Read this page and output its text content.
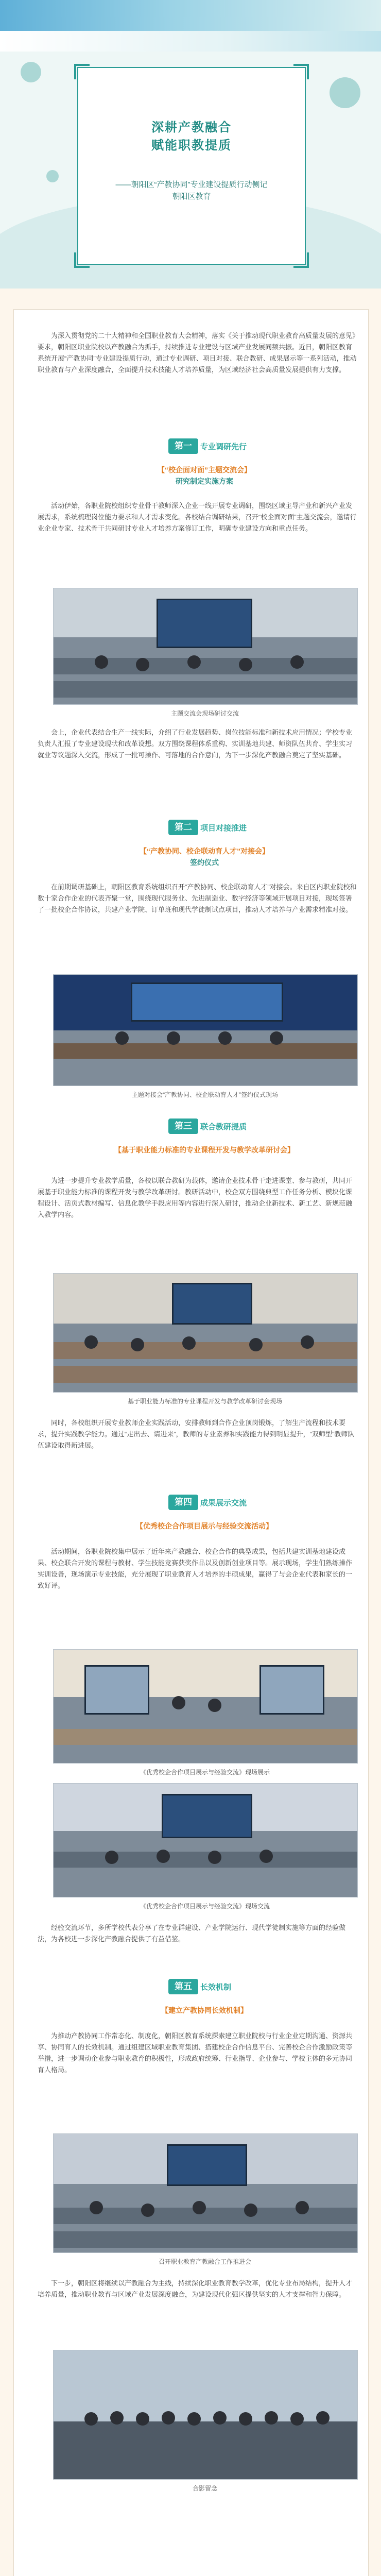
深耕产教融合
赋能职教提质
——朝阳区“产教协同”专业建设提质行动侧记
朝阳区教育
为深入贯彻党的二十大精神和全国职业教育大会精神，落实《关于推动现代职业教育高质量发展的意见》要求，朝阳区职业院校以产教融合为抓手，持续推进专业建设与区域产业发展同频共振。近日，朝阳区教育系统开展“产教协同”专业建设提质行动，通过专业调研、项目对接、联合教研、成果展示等一系列活动，推动职业教育与产业深度融合，全面提升技术技能人才培养质量，为区域经济社会高质量发展提供有力支撑。
第一	专业调研先行
【“校企面对面”主题交流会】
研究制定实施方案
活动伊始，各职业院校组织专业骨干教师深入企业一线开展专业调研，围绕区域主导产业和新兴产业发展需求，系统梳理岗位能力要求和人才需求变化。各校结合调研结果，召开“校企面对面”主题交流会，邀请行业企业专家、技术骨干共同研讨专业人才培养方案修订工作，明确专业建设方向和重点任务。
主题交流会现场研讨交流
会上，企业代表结合生产一线实际，介绍了行业发展趋势、岗位技能标准和新技术应用情况；学校专业负责人汇报了专业建设现状和改革设想。双方围绕课程体系重构、实训基地共建、师资队伍共育、学生实习就业等议题深入交流，形成了一批可操作、可落地的合作意向，为下一步深化产教融合奠定了坚实基础。
第二	项目对接推进
【“产教协同、校企联动育人才”对接会】
签约仪式
在前期调研基础上，朝阳区教育系统组织召开“产教协同、校企联动育人才”对接会。来自区内职业院校和数十家合作企业的代表齐聚一堂，围绕现代服务业、先进制造业、数字经济等领域开展项目对接，现场签署了一批校企合作协议，共建产业学院、订单班和现代学徒制试点项目，推动人才培养与产业需求精准对接。
主题对接会“产教协同、校企联动育人才”签约仪式现场
第三	联合教研提质
【基于职业能力标准的专业课程开发与教学改革研讨会】
为进一步提升专业教学质量，各校以联合教研为载体，邀请企业技术骨干走进课堂、参与教研，共同开展基于职业能力标准的课程开发与教学改革研讨。教研活动中，校企双方围绕典型工作任务分析、模块化课程设计、活页式教材编写、信息化教学手段应用等内容进行深入研讨，推动企业新技术、新工艺、新规范融入教学内容。
基于职业能力标准的专业课程开发与教学改革研讨会现场
同时，各校组织开展专业教师企业实践活动，安排教师到合作企业顶岗锻炼，了解生产流程和技术要求，提升实践教学能力。通过“走出去、请进来”，教师的专业素养和实践能力得到明显提升，“双师型”教师队伍建设取得新进展。
第四	成果展示交流
【优秀校企合作项目展示与经验交流活动】
活动期间，各职业院校集中展示了近年来产教融合、校企合作的典型成果，包括共建实训基地建设成果、校企联合开发的课程与教材、学生技能竞赛获奖作品以及创新创业项目等。展示现场，学生们熟练操作实训设备，现场演示专业技能，充分展现了职业教育人才培养的丰硕成果，赢得了与会企业代表和家长的一致好评。
《优秀校企合作项目展示与经验交流》现场展示
《优秀校企合作项目展示与经验交流》现场交流
经验交流环节，多所学校代表分享了在专业群建设、产业学院运行、现代学徒制实施等方面的经验做法，为各校进一步深化产教融合提供了有益借鉴。
第五	长效机制
【建立产教协同长效机制】
为推动产教协同工作常态化、制度化，朝阳区教育系统探索建立职业院校与行业企业定期沟通、资源共享、协同育人的长效机制。通过组建区域职业教育集团、搭建校企合作信息平台、完善校企合作激励政策等举措，进一步调动企业参与职业教育的积极性，形成政府统筹、行业指导、企业参与、学校主体的多元协同育人格局。
召开职业教育产教融合工作推进会
下一步，朝阳区将继续以产教融合为主线，持续深化职业教育教学改革，优化专业布局结构，提升人才培养质量，推动职业教育与区域产业发展深度融合，为建设现代化强区提供坚实的人才支撑和智力保障。
合影留念
